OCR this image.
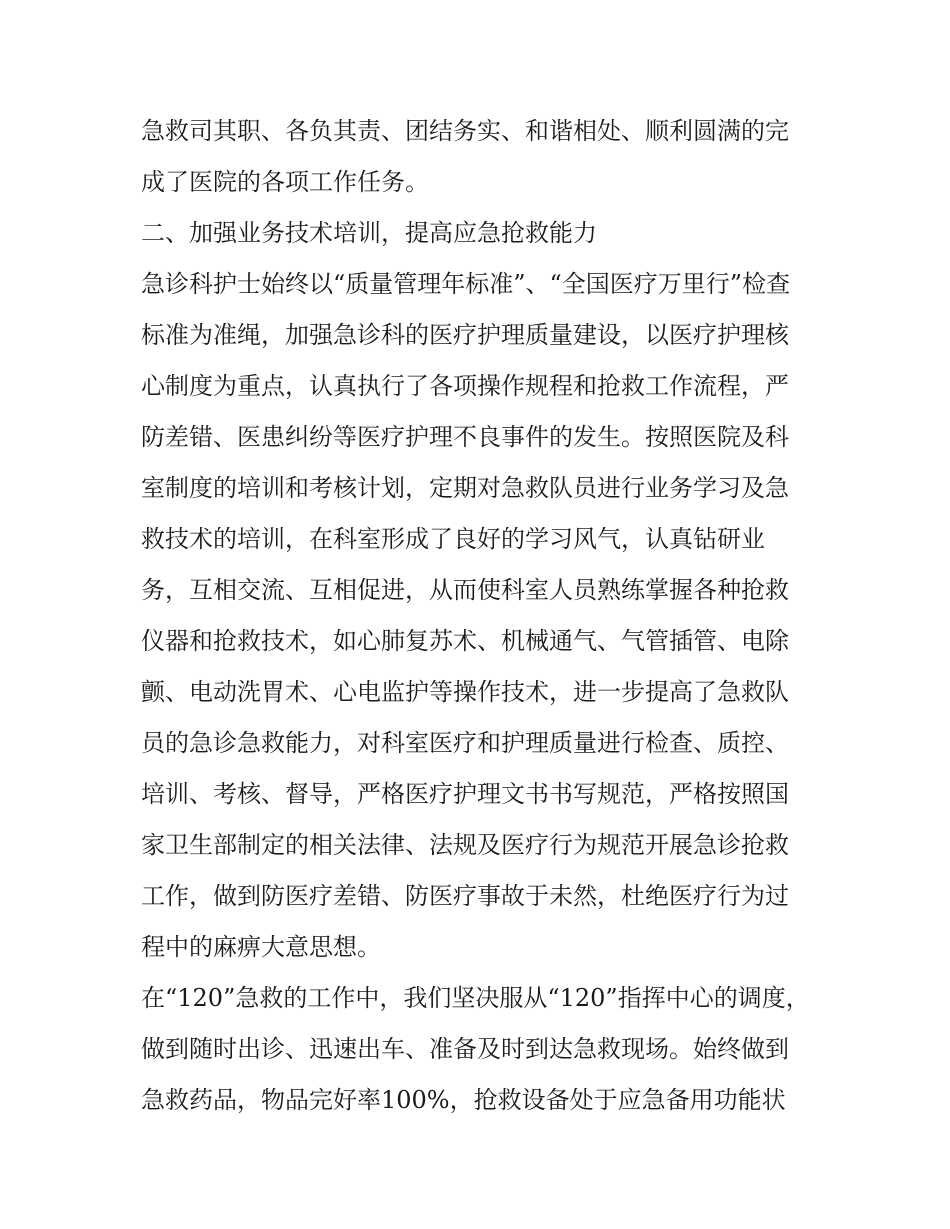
急救司其职、各负其责、团结务实、和谐相处、顺利圆满的完
成了医院的各项工作任务。
二、加强业务技术培训，提高应急抢救能力
急诊科护士始终以“质量管理年标准”、“全国医疗万里行”检查
标准为准绳，加强急诊科的医疗护理质量建设，以医疗护理核
心制度为重点，认真执行了各项操作规程和抢救工作流程，严
防差错、医患纠纷等医疗护理不良事件的发生。按照医院及科
室制度的培训和考核计划，定期对急救队员进行业务学习及急
救技术的培训，在科室形成了良好的学习风气，认真钻研业
务，互相交流、互相促进，从而使科室人员熟练掌握各种抢救
仪器和抢救技术，如心肺复苏术、机械通气、气管插管、电除
颤、电动洗胃术、心电监护等操作技术，进一步提高了急救队
员的急诊急救能力，对科室医疗和护理质量进行检查、质控、
培训、考核、督导，严格医疗护理文书书写规范，严格按照国
家卫生部制定的相关法律、法规及医疗行为规范开展急诊抢救
工作，做到防医疗差错、防医疗事故于未然，杜绝医疗行为过
程中的麻痹大意思想。
在“120”急救的工作中，我们坚决服从“120”指挥中心的调度，
做到随时出诊、迅速出车、准备及时到达急救现场。始终做到
急救药品，物品完好率100%，抢救设备处于应急备用功能状
